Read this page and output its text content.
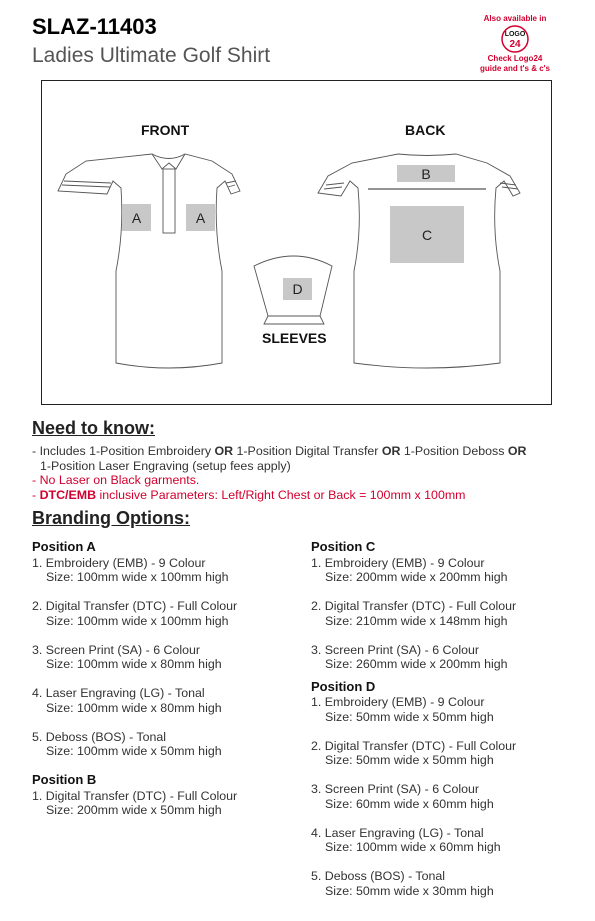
SLAZ-11403
Ladies Ultimate Golf Shirt
Also available in
LOGO
24
Check Logo24
guide and t's & c's
FRONT	BACK
SLEEVES
A	A
B
C
D
Need to know:
- Includes 1-Position Embroidery OR 1-Position Digital Transfer OR 1-Position Deboss OR
1-Position Laser Engraving (setup fees apply)
- No Laser on Black garments.
- DTC/EMB inclusive Parameters: Left/Right Chest or Back = 100mm x 100mm
Branding Options:
Position A
1. Embroidery (EMB) - 9 Colour
Size: 100mm wide x 100mm high
2. Digital Transfer (DTC) - Full Colour
Size: 100mm wide x 100mm high
3. Screen Print (SA) - 6 Colour
Size: 100mm wide x 80mm high
4. Laser Engraving (LG) - Tonal
Size: 100mm wide x 80mm high
5. Deboss (BOS) - Tonal
Size: 100mm wide x 50mm high
Position B
1. Digital Transfer (DTC) - Full Colour
Size: 200mm wide x 50mm high
Position C
1. Embroidery (EMB) - 9 Colour
Size: 200mm wide x 200mm high
2. Digital Transfer (DTC) - Full Colour
Size: 210mm wide x 148mm high
3. Screen Print (SA) - 6 Colour
Size: 260mm wide x 200mm high
Position D
1. Embroidery (EMB) - 9 Colour
Size: 50mm wide x 50mm high
2. Digital Transfer (DTC) - Full Colour
Size: 50mm wide x 50mm high
3. Screen Print (SA) - 6 Colour
Size: 60mm wide x 60mm high
4. Laser Engraving (LG) - Tonal
Size: 100mm wide x 60mm high
5. Deboss (BOS) - Tonal
Size: 50mm wide x 30mm high
